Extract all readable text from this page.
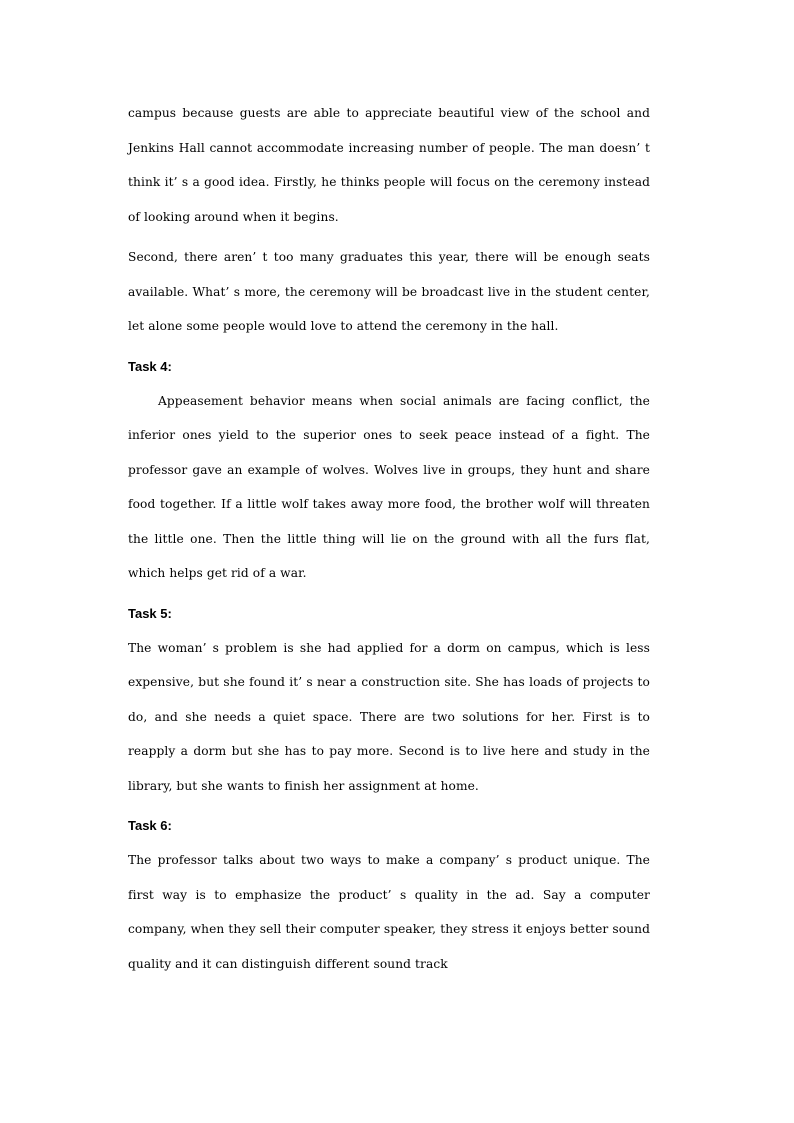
campus because guests are able to appreciate beautiful view of the school and Jenkins Hall cannot accommodate increasing number of people. The man doesn’ t think it’ s a good idea. Firstly, he thinks people will focus on the ceremony instead of looking around when it begins.

Second, there aren’ t too many graduates this year, there will be enough seats available. What’ s more, the ceremony will be broadcast live in the student center, let alone some people would love to attend the ceremony in the hall.

Task 4:

Appeasement behavior means when social animals are facing conflict, the inferior ones yield to the superior ones to seek peace instead of a fight. The professor gave an example of wolves. Wolves live in groups, they hunt and share food together. If a little wolf takes away more food, the brother wolf will threaten the little one. Then the little thing will lie on the ground with all the furs flat, which helps get rid of a war.

Task 5:

The woman’ s problem is she had applied for a dorm on campus, which is less expensive, but she found it’ s near a construction site. She has loads of projects to do, and she needs a quiet space. There are two solutions for her. First is to reapply a dorm but she has to pay more. Second is to live here and study in the library, but she wants to finish her assignment at home.

Task 6:

The professor talks about two ways to make a company’ s product unique. The first way is to emphasize the product’ s quality in the ad. Say a computer company, when they sell their computer speaker, they stress it enjoys better sound quality and it can distinguish different sound track
